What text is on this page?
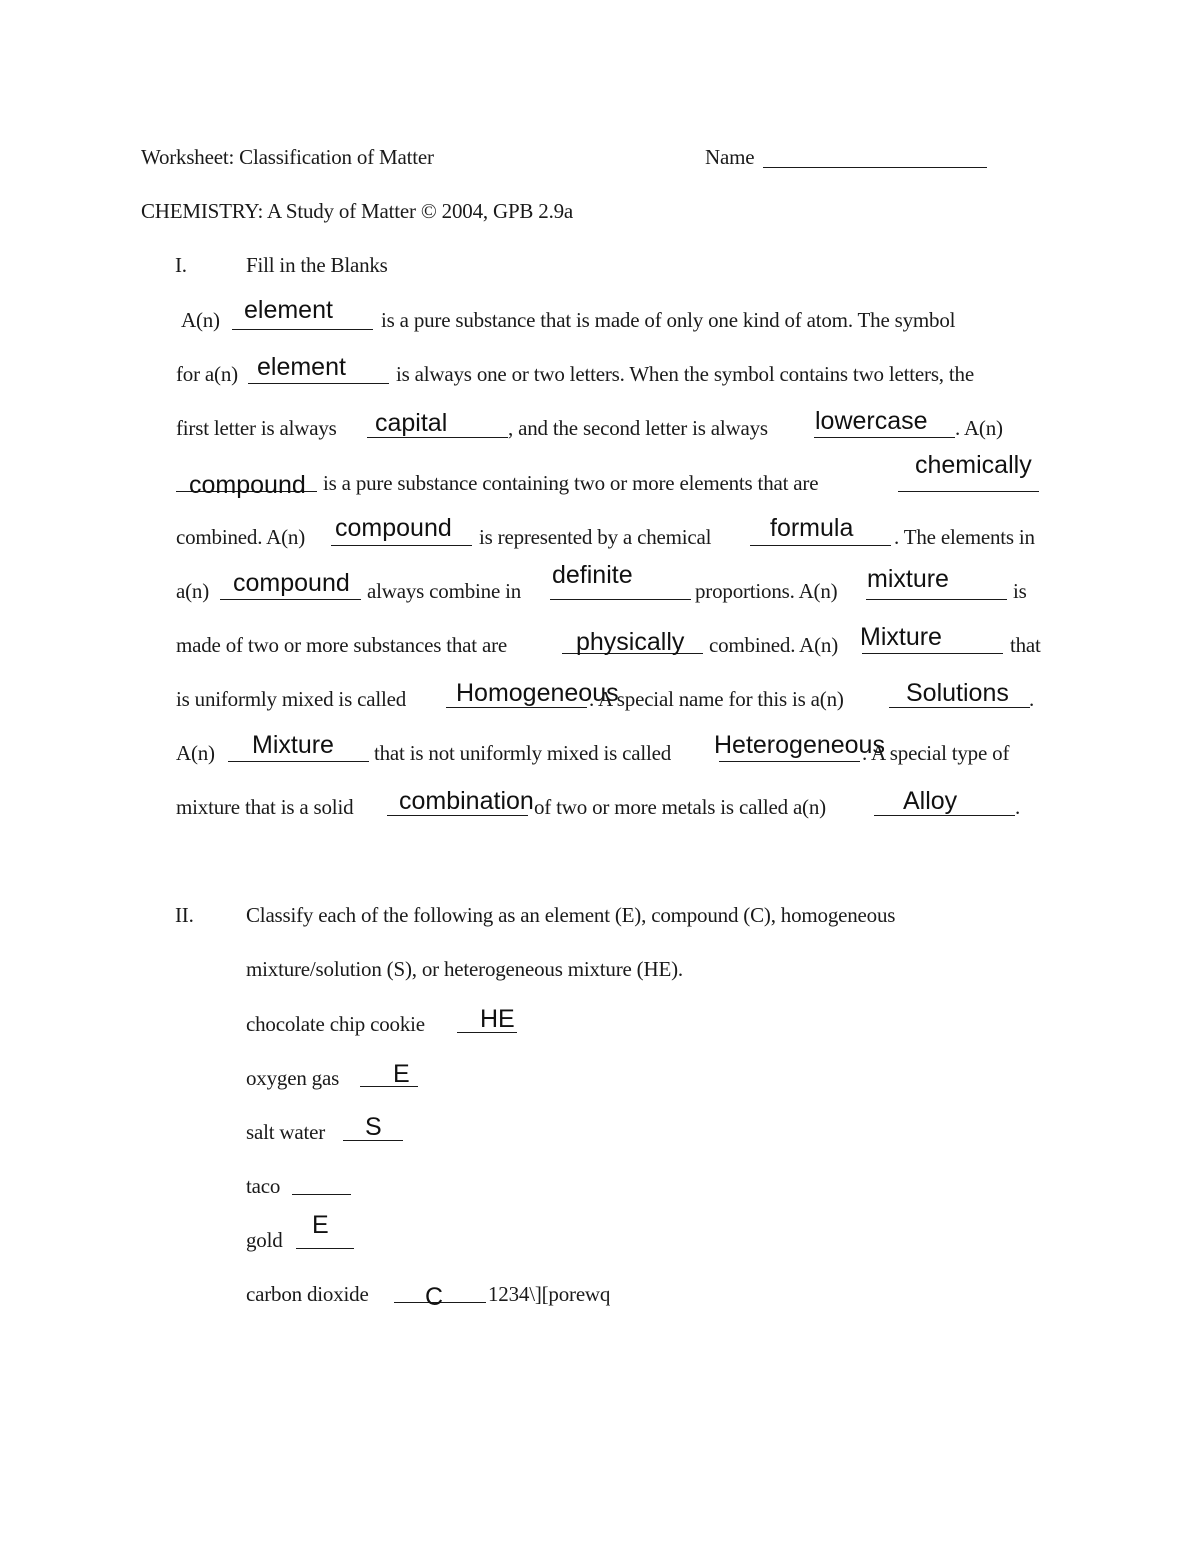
Worksheet: Classification of Matter	Name
CHEMISTRY: A Study of Matter © 2004, GPB 2.9a
I.	Fill in the Blanks
A(n) element is a pure substance that is made of only one kind of atom. The symbol
for a(n) element is always one or two letters. When the symbol contains two letters, the
first letter is always capital	, and the second letter is always lowercase . A(n)
compound is a pure substance containing two or more elements that are
chemically
combined. A(n) compound is represented by a chemical formula . The elements in
a(n) compound always combine in
definite
proportions. A(n) mixture	is
made of two or more substances that are	physically combined. A(n) Mixture	that
is uniformly mixed is called Homogeneous
. A special name for this is a(n) Solutions .
A(n) Mixture that is not uniformly mixed is called Heterogeneous
. A special type of
mixture that is a solid combination of two or more metals is called a(n)	Alloy	.
II. Classify each of the following as an element (E), compound (C), homogeneous
mixture/solution (S), or heterogeneous mixture (HE).
chocolate chip cookie HE
oxygen gas E
salt water S
taco
gold
E
carbon dioxide C 1234\][porewq
